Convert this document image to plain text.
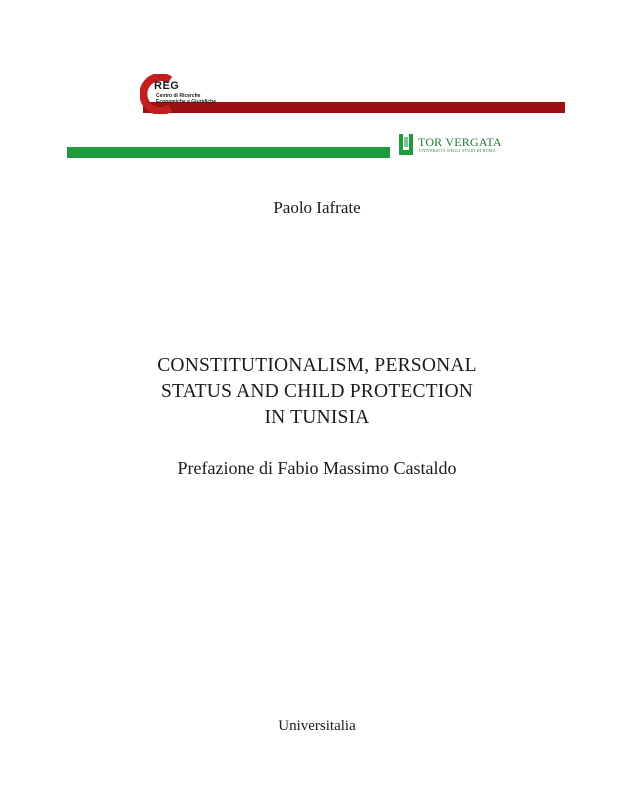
REG
Centro di Ricerche
Economiche e Giuridiche
TOR VERGATA
UNIVERSITÀ DEGLI STUDI DI ROMA
Paolo Iafrate
CONSTITUTIONALISM, PERSONAL
STATUS AND CHILD PROTECTION
IN TUNISIA
Prefazione di Fabio Massimo Castaldo
Universitalia
